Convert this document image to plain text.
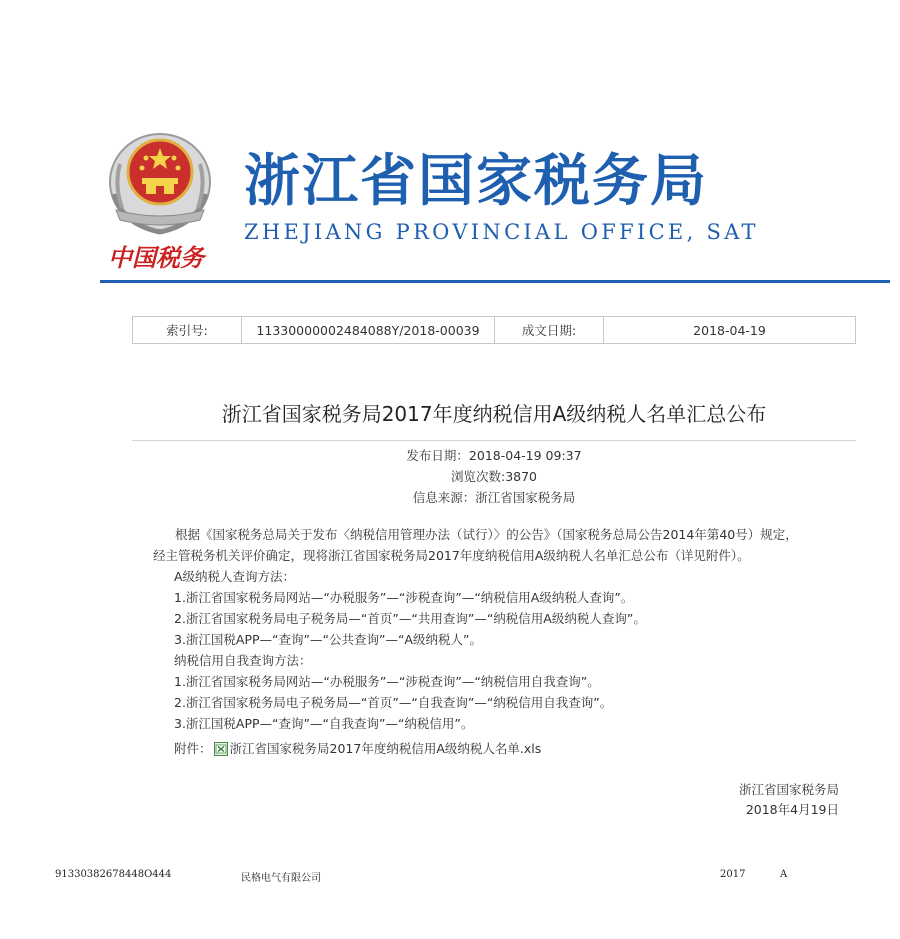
中国税务
浙江省国家税务局
ZHEJIANG PROVINCIAL OFFICE, SAT
索引号:	11330000002484088Y/2018-00039	成文日期:	2018-04-19
浙江省国家税务局2017年度纳税信用A级纳税人名单汇总公布
发布日期：2018-04-19 09:37
浏览次数:3870
信息来源：浙江省国家税务局

根据《国家税务总局关于发布〈纳税信用管理办法（试行）〉的公告》（国家税务总局公告2014年第40号）规定，

经主管税务机关评价确定，现将浙江省国家税务局2017年度纳税信用A级纳税人名单汇总公布（详见附件）。

A级纳税人查询方法：
1.浙江省国家税务局网站—“办税服务”—“涉税查询”—“纳税信用A级纳税人查询”。
2.浙江省国家税务局电子税务局—“首页”—“共用查询”—“纳税信用A级纳税人查询”。
3.浙江国税APP—“查询”—“公共查询”—“A级纳税人”。
纳税信用自我查询方法：
1.浙江省国家税务局网站—“办税服务”—“涉税查询”—“纳税信用自我查询”。
2.浙江省国家税务局电子税务局—“首页”—“自我查询”—“纳税信用自我查询”。
3.浙江国税APP—“查询”—“自我查询”—“纳税信用”。
附件： 浙江省国家税务局2017年度纳税信用A级纳税人名单.xls
浙江省国家税务局
2018年4月19日
91330382678448O444	民格电气有限公司	2017	A
